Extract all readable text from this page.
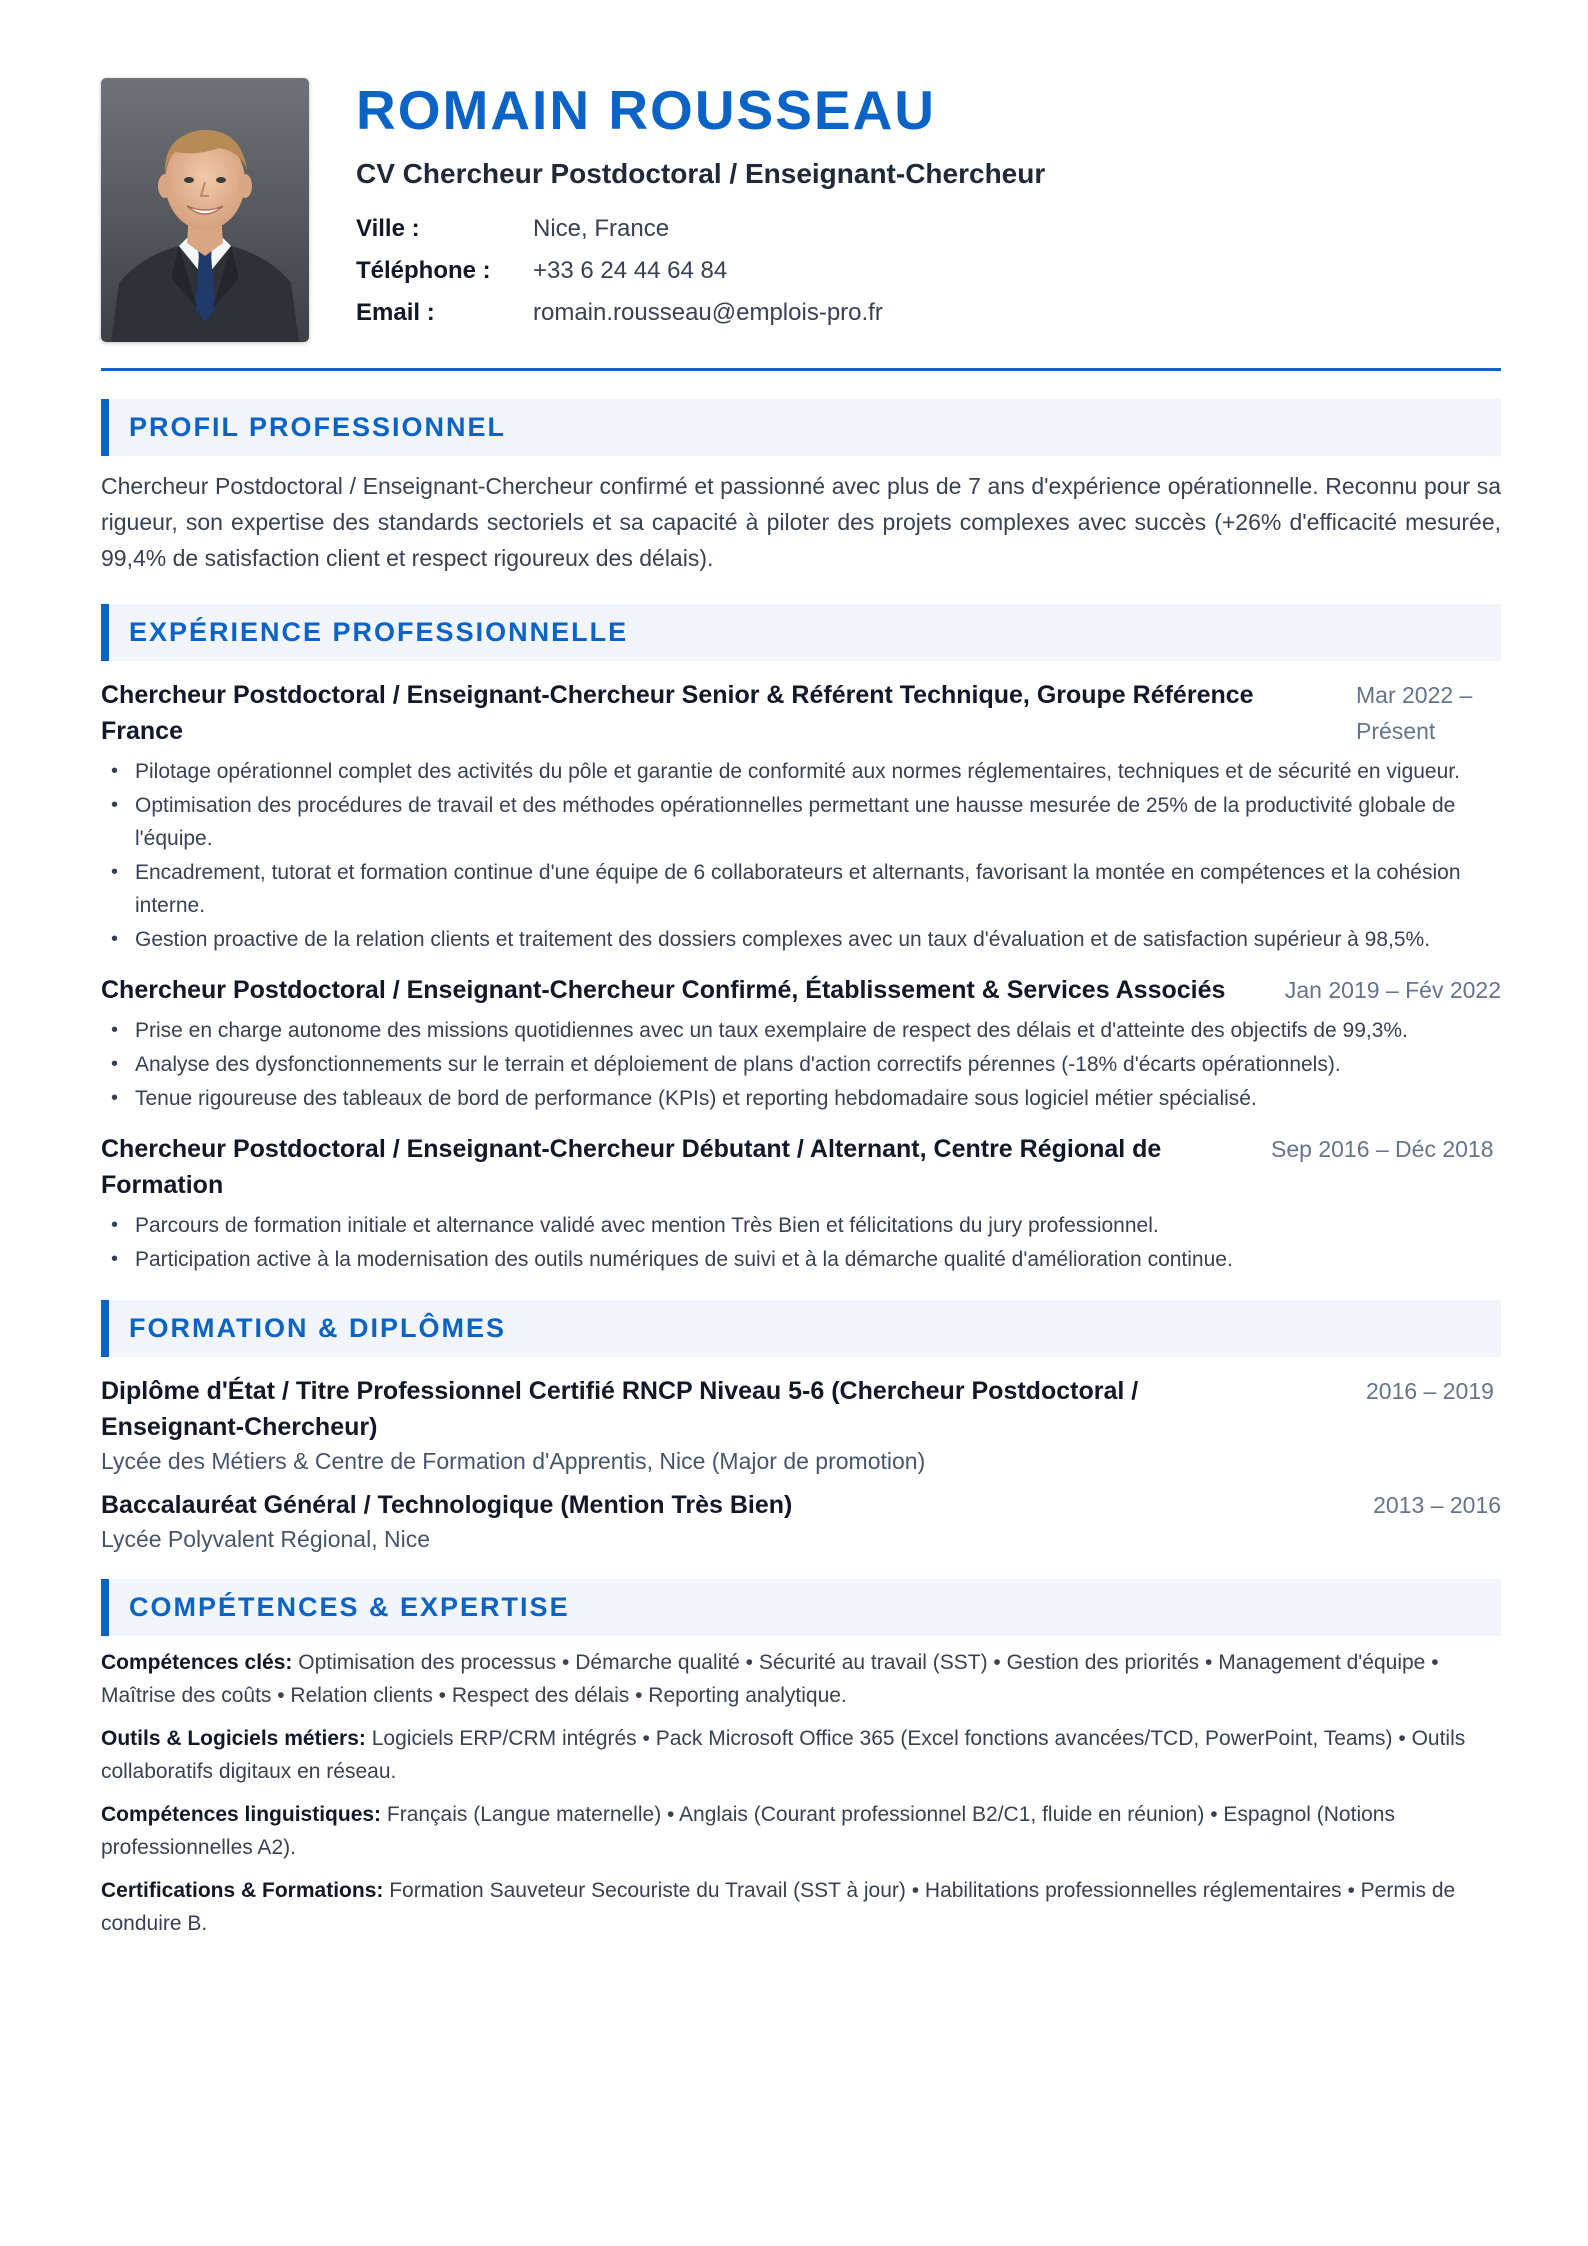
ROMAIN ROUSSEAU
CV Chercheur Postdoctoral / Enseignant-Chercheur
Ville :	Nice, France
Téléphone :	+33 6 24 44 64 84
Email :	romain.rousseau@emplois-pro.fr
PROFIL PROFESSIONNEL

Chercheur Postdoctoral / Enseignant-Chercheur confirmé et passionné avec plus de 7 ans d'expérience opérationnelle. Reconnu pour sa rigueur, son expertise des standards sectoriels et sa capacité à piloter des projets complexes avec succès (+26% d'efficacité mesurée, 99,4% de satisfaction client et respect rigoureux des délais).

EXPÉRIENCE PROFESSIONNELLE
Chercheur Postdoctoral / Enseignant-Chercheur Senior & Référent Technique, Groupe Référence France
Mar 2022 – Présent
• Pilotage opérationnel complet des activités du pôle et garantie de conformité aux normes réglementaires, techniques et de sécurité en vigueur.
• Optimisation des procédures de travail et des méthodes opérationnelles permettant une hausse mesurée de 25% de la productivité globale de l'équipe.
• Encadrement, tutorat et formation continue d'une équipe de 6 collaborateurs et alternants, favorisant la montée en compétences et la cohésion interne.
• Gestion proactive de la relation clients et traitement des dossiers complexes avec un taux d'évaluation et de satisfaction supérieur à 98,5%.
Chercheur Postdoctoral / Enseignant-Chercheur Confirmé, Établissement & Services Associés	Jan 2019 – Fév 2022
• Prise en charge autonome des missions quotidiennes avec un taux exemplaire de respect des délais et d'atteinte des objectifs de 99,3%.
• Analyse des dysfonctionnements sur le terrain et déploiement de plans d'action correctifs pérennes (-18% d'écarts opérationnels).
• Tenue rigoureuse des tableaux de bord de performance (KPIs) et reporting hebdomadaire sous logiciel métier spécialisé.
Chercheur Postdoctoral / Enseignant-Chercheur Débutant / Alternant, Centre Régional de Formation
Sep 2016 – Déc 2018
• Parcours de formation initiale et alternance validé avec mention Très Bien et félicitations du jury professionnel.
• Participation active à la modernisation des outils numériques de suivi et à la démarche qualité d'amélioration continue.
FORMATION & DIPLÔMES
Diplôme d'État / Titre Professionnel Certifié RNCP Niveau 5-6 (Chercheur Postdoctoral / Enseignant-Chercheur)
2016 – 2019
Lycée des Métiers & Centre de Formation d'Apprentis, Nice (Major de promotion)
Baccalauréat Général / Technologique (Mention Très Bien)	2013 – 2016
Lycée Polyvalent Régional, Nice
COMPÉTENCES & EXPERTISE
Compétences clés: Optimisation des processus • Démarche qualité • Sécurité au travail (SST) • Gestion des priorités • Management d'équipe • Maîtrise des coûts • Relation clients • Respect des délais • Reporting analytique.
Outils & Logiciels métiers: Logiciels ERP/CRM intégrés • Pack Microsoft Office 365 (Excel fonctions avancées/TCD, PowerPoint, Teams) • Outils collaboratifs digitaux en réseau.
Compétences linguistiques: Français (Langue maternelle) • Anglais (Courant professionnel B2/C1, fluide en réunion) • Espagnol (Notions professionnelles A2).
Certifications & Formations: Formation Sauveteur Secouriste du Travail (SST à jour) • Habilitations professionnelles réglementaires • Permis de conduire B.
